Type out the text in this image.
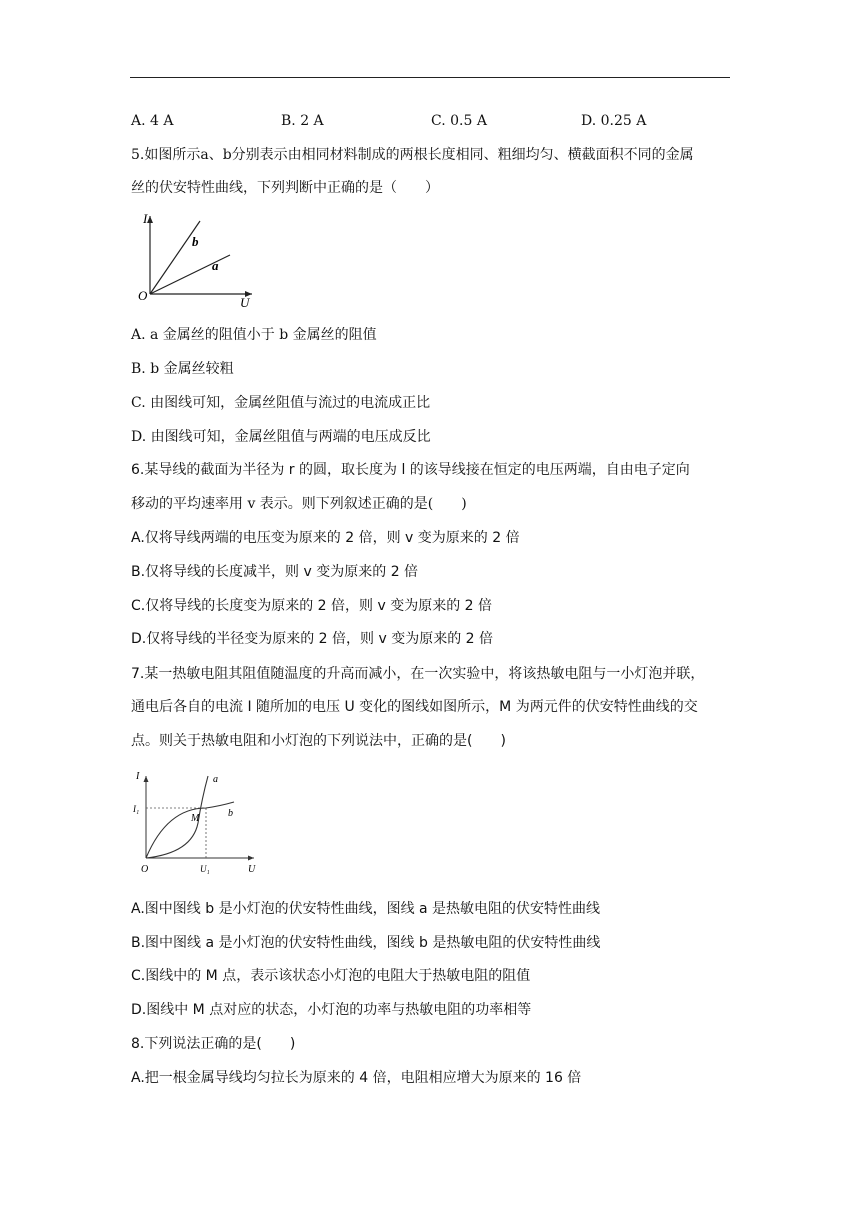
A. 4 A	B. 2 A	C. 0.5 A	D. 0.25 A
5.如图所示a、b分别表示由相同材料制成的两根长度相同、粗细均匀、横截面积不同的金属
丝的伏安特性曲线，下列判断中正确的是（　　）
I
U
O
b
a
A. a 金属丝的阻值小于 b 金属丝的阻值
B. b 金属丝较粗
C. 由图线可知，金属丝阻值与流过的电流成正比
D. 由图线可知，金属丝阻值与两端的电压成反比
6.某导线的截面为半径为 r 的圆，取长度为 l 的该导线接在恒定的电压两端，自由电子定向
移动的平均速率用 v 表示。则下列叙述正确的是(　　)
A.仅将导线两端的电压变为原来的 2 倍，则 v 变为原来的 2 倍
B.仅将导线的长度减半，则 v 变为原来的 2 倍
C.仅将导线的长度变为原来的 2 倍，则 v 变为原来的 2 倍
D.仅将导线的半径变为原来的 2 倍，则 v 变为原来的 2 倍
7.某一热敏电阻其阻值随温度的升高而减小，在一次实验中，将该热敏电阻与一小灯泡并联，
通电后各自的电流 I 随所加的电压 U 变化的图线如图所示，M 为两元件的伏安特性曲线的交
点。则关于热敏电阻和小灯泡的下列说法中，正确的是(　　)
I
U
O
I₁
U₁
M
a
b
A.图中图线 b 是小灯泡的伏安特性曲线，图线 a 是热敏电阻的伏安特性曲线
B.图中图线 a 是小灯泡的伏安特性曲线，图线 b 是热敏电阻的伏安特性曲线
C.图线中的 M 点，表示该状态小灯泡的电阻大于热敏电阻的阻值
D.图线中 M 点对应的状态，小灯泡的功率与热敏电阻的功率相等
8.下列说法正确的是(　　)
A.把一根金属导线均匀拉长为原来的 4 倍，电阻相应增大为原来的 16 倍
